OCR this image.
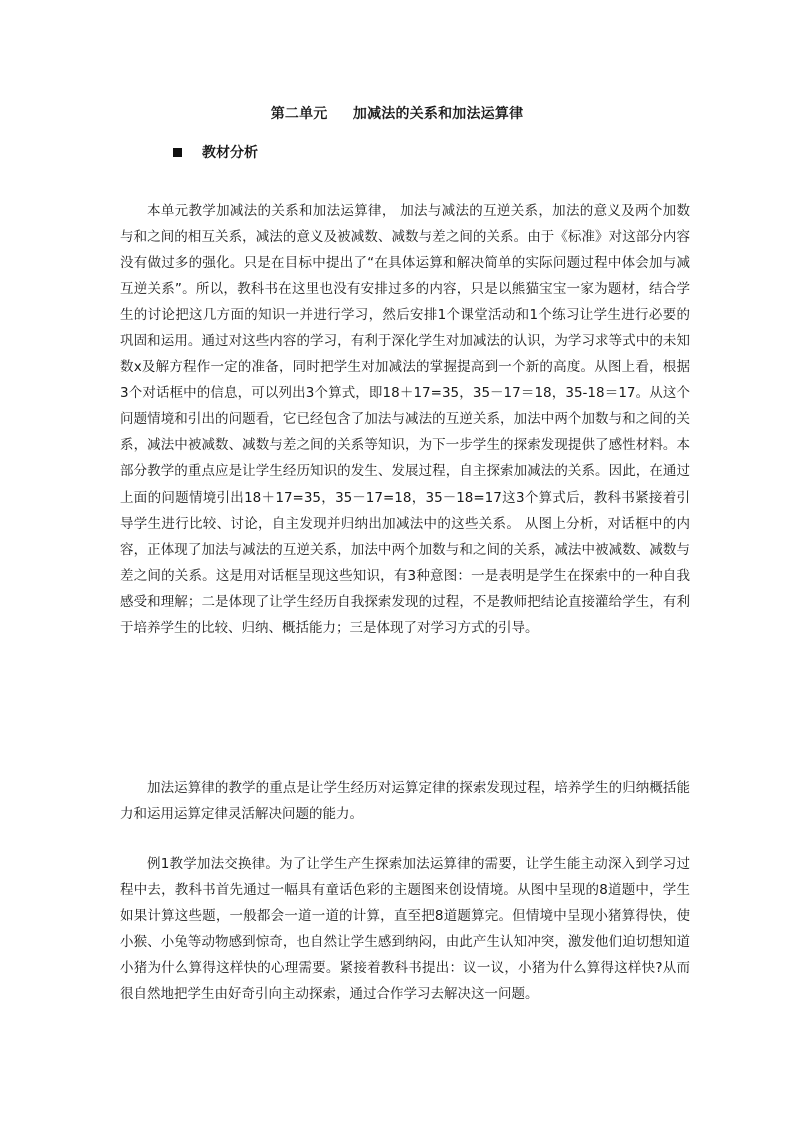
第二单元     加减法的关系和加法运算律
教材分析

本单元教学加减法的关系和加法运算律， 加法与减法的互逆关系，加法的意义及两个加数与和之间的相互关系，减法的意义及被减数、减数与差之间的关系。由于《标准》对这部分内容没有做过多的强化。只是在目标中提出了“在具体运算和解决简单的实际问题过程中体会加与减互逆关系”。所以，教科书在这里也没有安排过多的内容，只是以熊猫宝宝一家为题材，结合学生的讨论把这几方面的知识一并进行学习，然后安排1个课堂活动和1个练习让学生进行必要的巩固和运用。通过对这些内容的学习，有利于深化学生对加减法的认识，为学习求等式中的未知数x及解方程作一定的准备，同时把学生对加减法的掌握提高到一个新的高度。从图上看，根据3个对话框中的信息，可以列出3个算式，即18＋17=35，35－17＝18，35-18＝17。从这个问题情境和引出的问题看，它已经包含了加法与减法的互逆关系，加法中两个加数与和之间的关系，减法中被减数、减数与差之间的关系等知识，为下一步学生的探索发现提供了感性材料。本部分教学的重点应是让学生经历知识的发生、发展过程，自主探索加减法的关系。因此，在通过上面的问题情境引出18＋17=35，35－17=18，35－18=17这3个算式后，教科书紧接着引导学生进行比较、讨论，自主发现并归纳出加减法中的这些关系。 从图上分析，对话框中的内容，正体现了加法与减法的互逆关系，加法中两个加数与和之间的关系，减法中被减数、减数与差之间的关系。这是用对话框呈现这些知识，有3种意图：一是表明是学生在探索中的一种自我感受和理解；二是体现了让学生经历自我探索发现的过程，不是教师把结论直接灌给学生，有利于培养学生的比较、归纳、概括能力；三是体现了对学习方式的引导。

加法运算律的教学的重点是让学生经历对运算定律的探索发现过程，培养学生的归纳概括能力和运用运算定律灵活解决问题的能力。

例1教学加法交换律。为了让学生产生探索加法运算律的需要，让学生能主动深入到学习过程中去，教科书首先通过一幅具有童话色彩的主题图来创设情境。从图中呈现的8道题中，学生如果计算这些题，一般都会一道一道的计算，直至把8道题算完。但情境中呈现小猪算得快，使小猴、小兔等动物感到惊奇，也自然让学生感到纳闷，由此产生认知冲突，激发他们迫切想知道小猪为什么算得这样快的心理需要。紧接着教科书提出：议一议，小猪为什么算得这样快?从而很自然地把学生由好奇引向主动探索，通过合作学习去解决这一问题。
